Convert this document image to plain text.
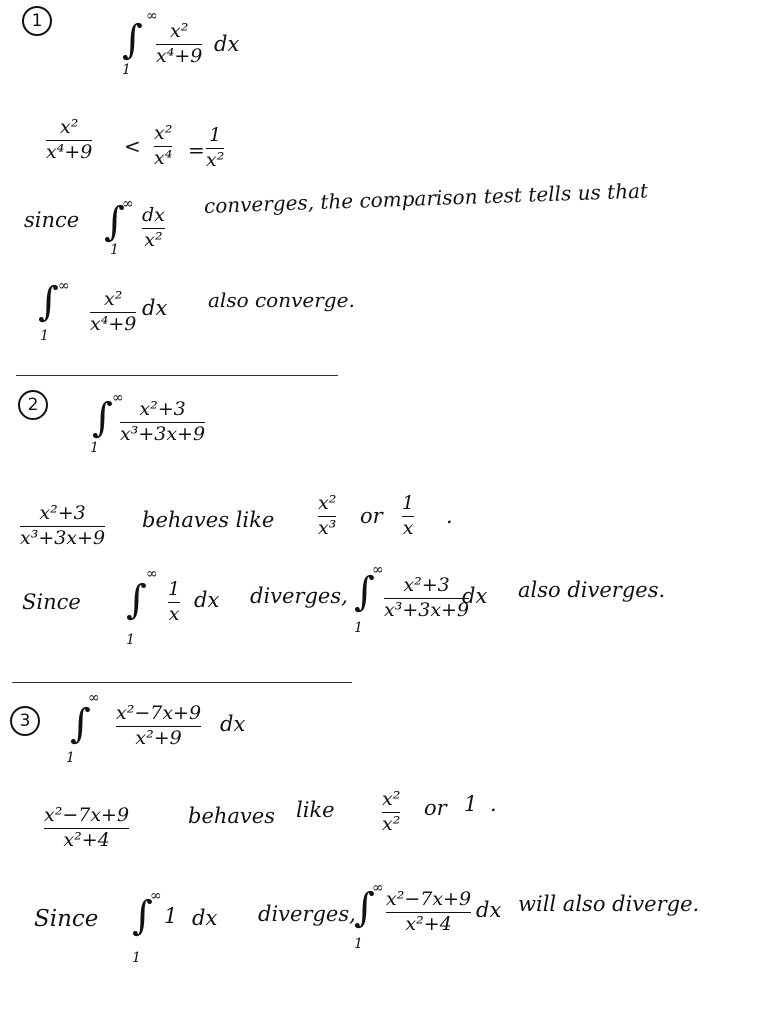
1 ∫
∞
1
x²
x⁴+9 dx
x²
x⁴+9 <
x²
x⁴ =
1
x²
since ∫
∞
1
dx
x²
converges, the comparison test tells us that
∫ ∞
1
x²
x⁴+9
dx also converge.
2 ∫ ∞
1
x²+3
x³+3x+9
x²+3
x³+3x+9
behaves like
x²
x³ or
1
x .
Since ∫
∞
1
1
x
dx diverges, ∫
∞
1
x²+3
x³+3x+9
dx also diverges.
3 ∫
∞
1
x²−7x+9
x²+9
dx
x²−7x+9
x²+4
behaves like x²
x²
or 1 .
Since ∫
∞
1
1 dx diverges,
∫
∞
1
x²−7x+9
x²+4
dx will also diverge.
